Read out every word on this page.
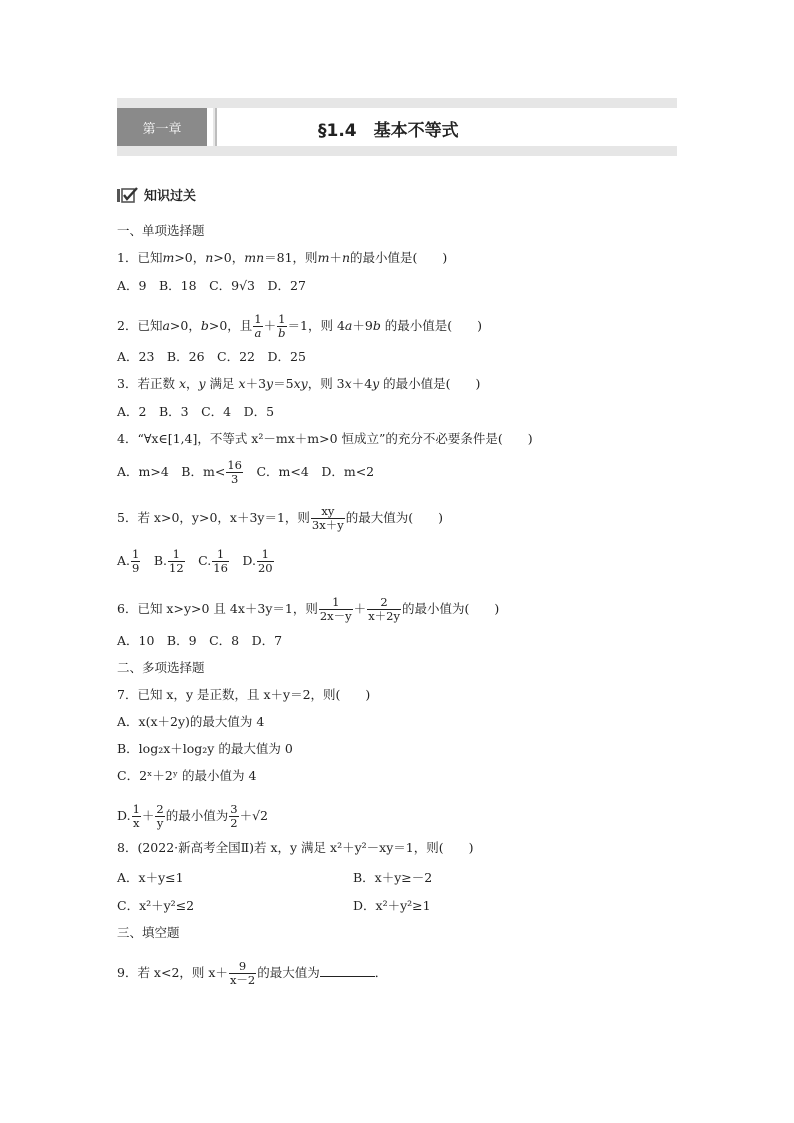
第一章	§1.4　基本不等式
知识过关
一、单项选择题
1．已知m>0，n>0，mn＝81，则m＋n的最小值是(　　)
A．9　B．18　C．9√3　D．27
2．已知a>0，b>0，且 $\frac{1}{a} + \frac{1}{b} =1$，则 4a＋9b 的最小值是(　　)
A．23　B．26　C．22　D．25
3．若正数 x，y 满足 x＋3y＝5xy，则 3x＋4y 的最小值是(　　)
A．2　B．3　C．4　D．5
4．“∀x∈[1,4]，不等式 x²－mx＋m>0 恒成立”的充分不必要条件是(　　)
A．m>4　B．$m< \frac{16}{3}$ 　C．m<4　D．m<2
5．若 x>0，y>0，x＋3y＝1，则 $\frac{xy}{3x+y}$ 的最大值为(　　)
A. $\frac{1}{9}$ 　B. $\frac{1}{12}$ 　C. $\frac{1}{16}$ 　D. $\frac{1}{20}$
6．已知 x>y>0 且 4x＋3y＝1，则 $\frac{1}{2x-y} + \frac{2}{x+2y}$ 的最小值为(　　)
A．10　B．9　C．8　D．7
二、多项选择题
7．已知 x，y 是正数，且 x＋y＝2，则(　　)
A．x(x＋2y)的最大值为 4
B．log₂x＋log₂y 的最大值为 0
C．2ˣ＋2ʸ 的最小值为 4
D. $\frac{1}{x} + \frac{2}{y}$ 的最小值为 $\frac{3}{2} +√2$
8．(2022·新高考全国Ⅱ)若 x，y 满足 x²＋y²－xy＝1，则(　　)
A．x＋y≤1	B．x＋y≥－2
C．x²＋y²≤2	D．x²＋y²≥1
三、填空题
9．若 x<2，则 $x+ \frac{9}{x-2}$ 的最大值为	．
